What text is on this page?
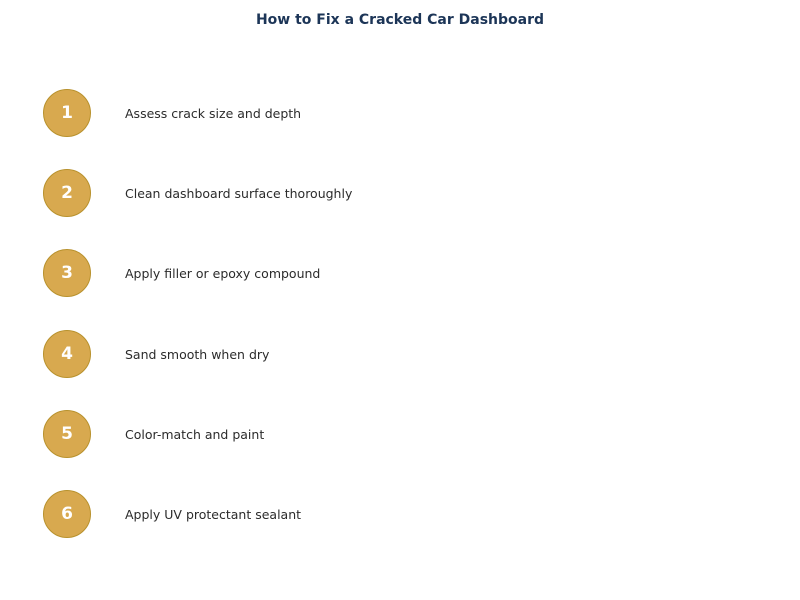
How to Fix a Cracked Car Dashboard
1	Assess crack size and depth
2	Clean dashboard surface thoroughly
3	Apply filler or epoxy compound
4	Sand smooth when dry
5	Color-match and paint
6	Apply UV protectant sealant
